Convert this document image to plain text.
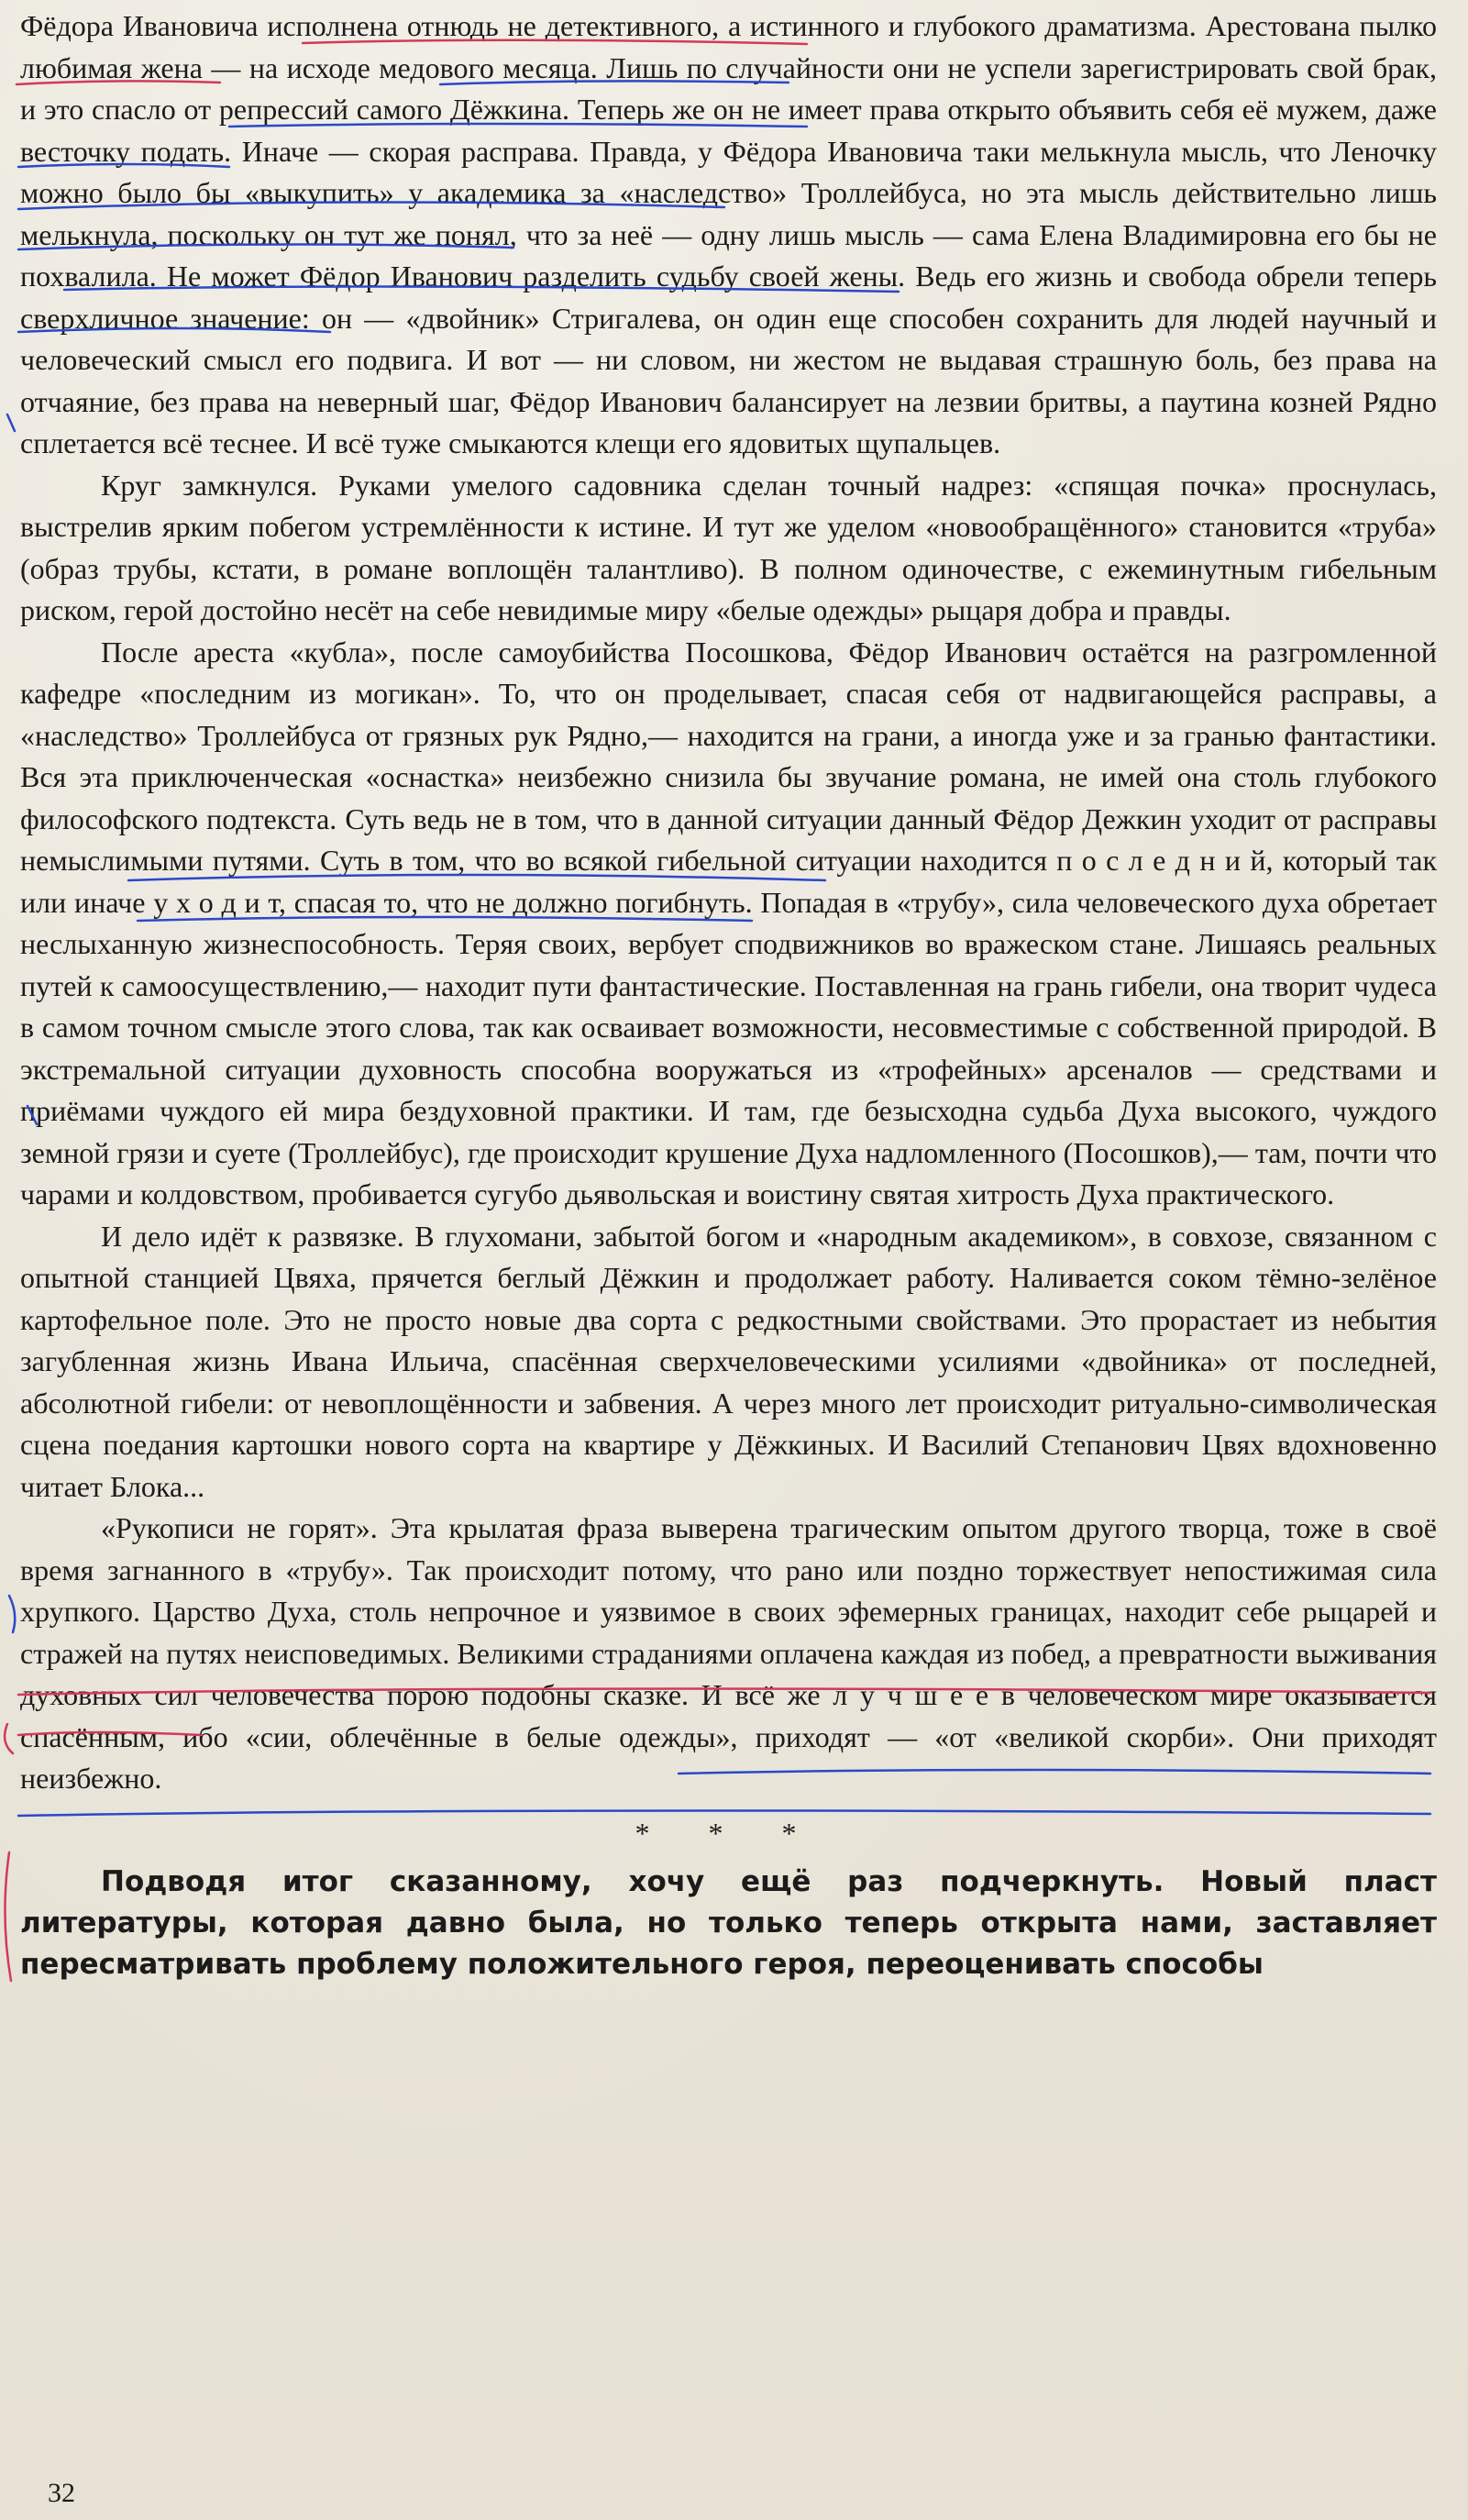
Фёдора Ивановича исполнена отнюдь не детективного, а истинного и глубокого драматизма. Арестована пылко любимая жена — на исходе медового месяца. Лишь по случайности они не успели зарегистрировать свой брак, и это спасло от репрессий самого Дёжкина. Теперь же он не имеет права открыто объявить себя её мужем, даже весточку подать. Иначе — скорая расправа. Правда, у Фёдора Ивановича таки мелькнула мысль, что Леночку можно было бы «выкупить» у академика за «наследство» Троллейбуса, но эта мысль действительно лишь мелькнула, поскольку он тут же понял, что за неё — одну лишь мысль — сама Елена Владимировна его бы не похвалила. Не может Фёдор Иванович разделить судьбу своей жены. Ведь его жизнь и свобода обрели теперь сверхличное значение: он — «двойник» Стригалева, он один еще способен сохранить для людей научный и человеческий смысл его подвига. И вот — ни словом, ни жестом не выдавая страшную боль, без права на отчаяние, без права на неверный шаг, Фёдор Иванович балансирует на лезвии бритвы, а паутина козней Рядно сплетается всё теснее. И всё туже смыкаются клещи его ядовитых щупальцев.

Круг замкнулся. Руками умелого садовника сделан точный надрез: «спящая почка» проснулась, выстрелив ярким побегом устремлённости к истине. И тут же уделом «новообращённого» становится «труба» (образ трубы, кстати, в романе воплощён талантливо). В полном одиночестве, с ежеминутным гибельным риском, герой достойно несёт на себе невидимые миру «белые одежды» рыцаря добра и правды.

После ареста «кубла», после самоубийства Посошкова, Фёдор Иванович остаётся на разгромленной кафедре «последним из могикан». То, что он проделывает, спасая себя от надвигающейся расправы, а «наследство» Троллейбуса от грязных рук Рядно,— находится на грани, а иногда уже и за гранью фантастики. Вся эта приключенческая «оснастка» неизбежно снизила бы звучание романа, не имей она столь глубокого философского подтекста. Суть ведь не в том, что в данной ситуации данный Фёдор Дежкин уходит от расправы немыслимыми путями. Суть в том, что во всякой гибельной ситуации находится п о с л е д н и й, который так или иначе у х о д и т, спасая то, что не должно погибнуть. Попадая в «трубу», сила человеческого духа обретает неслыханную жизнеспособность. Теряя своих, вербует сподвижников во вражеском стане. Лишаясь реальных путей к самоосуществлению,— находит пути фантастические. Поставленная на грань гибели, она творит чудеса в самом точном смысле этого слова, так как осваивает возможности, несовместимые с собственной природой. В экстремальной ситуации духовность способна вооружаться из «трофейных» арсеналов — средствами и приёмами чуждого ей мира бездуховной практики. И там, где безысходна судьба Духа высокого, чуждого земной грязи и суете (Троллейбус), где происходит крушение Духа надломленного (Посошков),— там, почти что чарами и колдовством, пробивается сугубо дьявольская и воистину святая хитрость Духа практического.

И дело идёт к развязке. В глухомани, забытой богом и «народным академиком», в совхозе, связанном с опытной станцией Цвяха, прячется беглый Дёжкин и продолжает работу. Наливается соком тёмно-зелёное картофельное поле. Это не просто новые два сорта с редкостными свойствами. Это прорастает из небытия загубленная жизнь Ивана Ильича, спасённая сверхчеловеческими усилиями «двойника» от последней, абсолютной гибели: от невоплощённости и забвения. А через много лет происходит ритуально-символическая сцена поедания картошки нового сорта на квартире у Дёжкиных. И Василий Степанович Цвях вдохновенно читает Блока...

«Рукописи не горят». Эта крылатая фраза выверена трагическим опытом другого творца, тоже в своё время загнанного в «трубу». Так происходит потому, что рано или поздно торжествует непостижимая сила хрупкого. Царство Духа, столь непрочное и уязвимое в своих эфемерных границах, находит себе рыцарей и стражей на путях неисповедимых. Великими страданиями оплачена каждая из побед, а превратности выживания духовных сил человечества порою подобны сказке. И всё же л у ч ш е е в человеческом мире оказывается спасённым, ибо «сии, облечённые в белые одежды», приходят — «от «великой скорби». Они приходят неизбежно.

* * *

Подводя итог сказанному, хочу ещё раз подчеркнуть. Новый пласт литературы, которая давно была, но только теперь открыта нами, заставляет пересматривать проблему положительного героя, переоценивать способы

32
